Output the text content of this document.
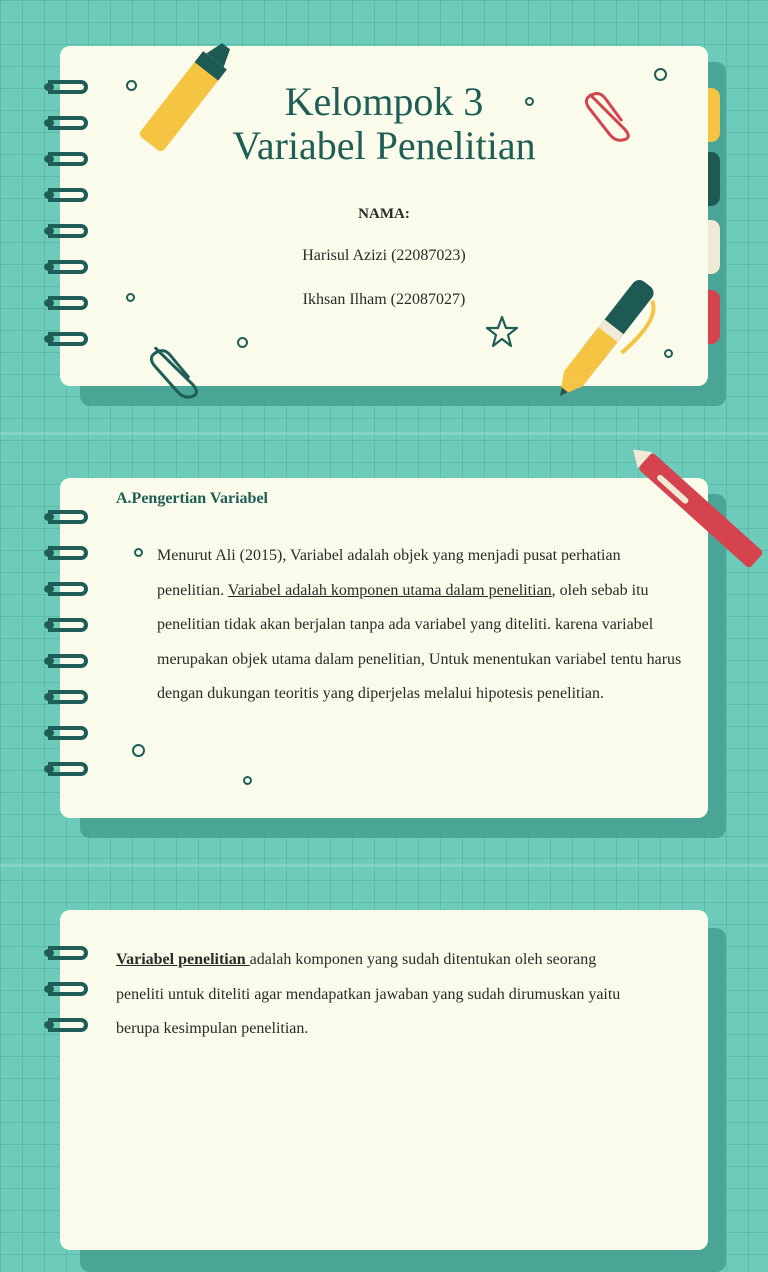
Kelompok 3
Variabel Penelitian
NAMA:
Harisul Azizi (22087023)
Ikhsan Ilham (22087027)
A.Pengertian Variabel
Menurut Ali (2015), Variabel adalah objek yang menjadi pusat perhatian penelitian. Variabel adalah komponen utama dalam penelitian, oleh sebab itu penelitian tidak akan berjalan tanpa ada variabel yang diteliti. karena variabel merupakan objek utama dalam penelitian, Untuk menentukan variabel tentu harus dengan dukungan teoritis yang diperjelas melalui hipotesis penelitian.
Variabel penelitian adalah komponen yang sudah ditentukan oleh seorang peneliti untuk diteliti agar mendapatkan jawaban yang sudah dirumuskan yaitu berupa kesimpulan penelitian.
